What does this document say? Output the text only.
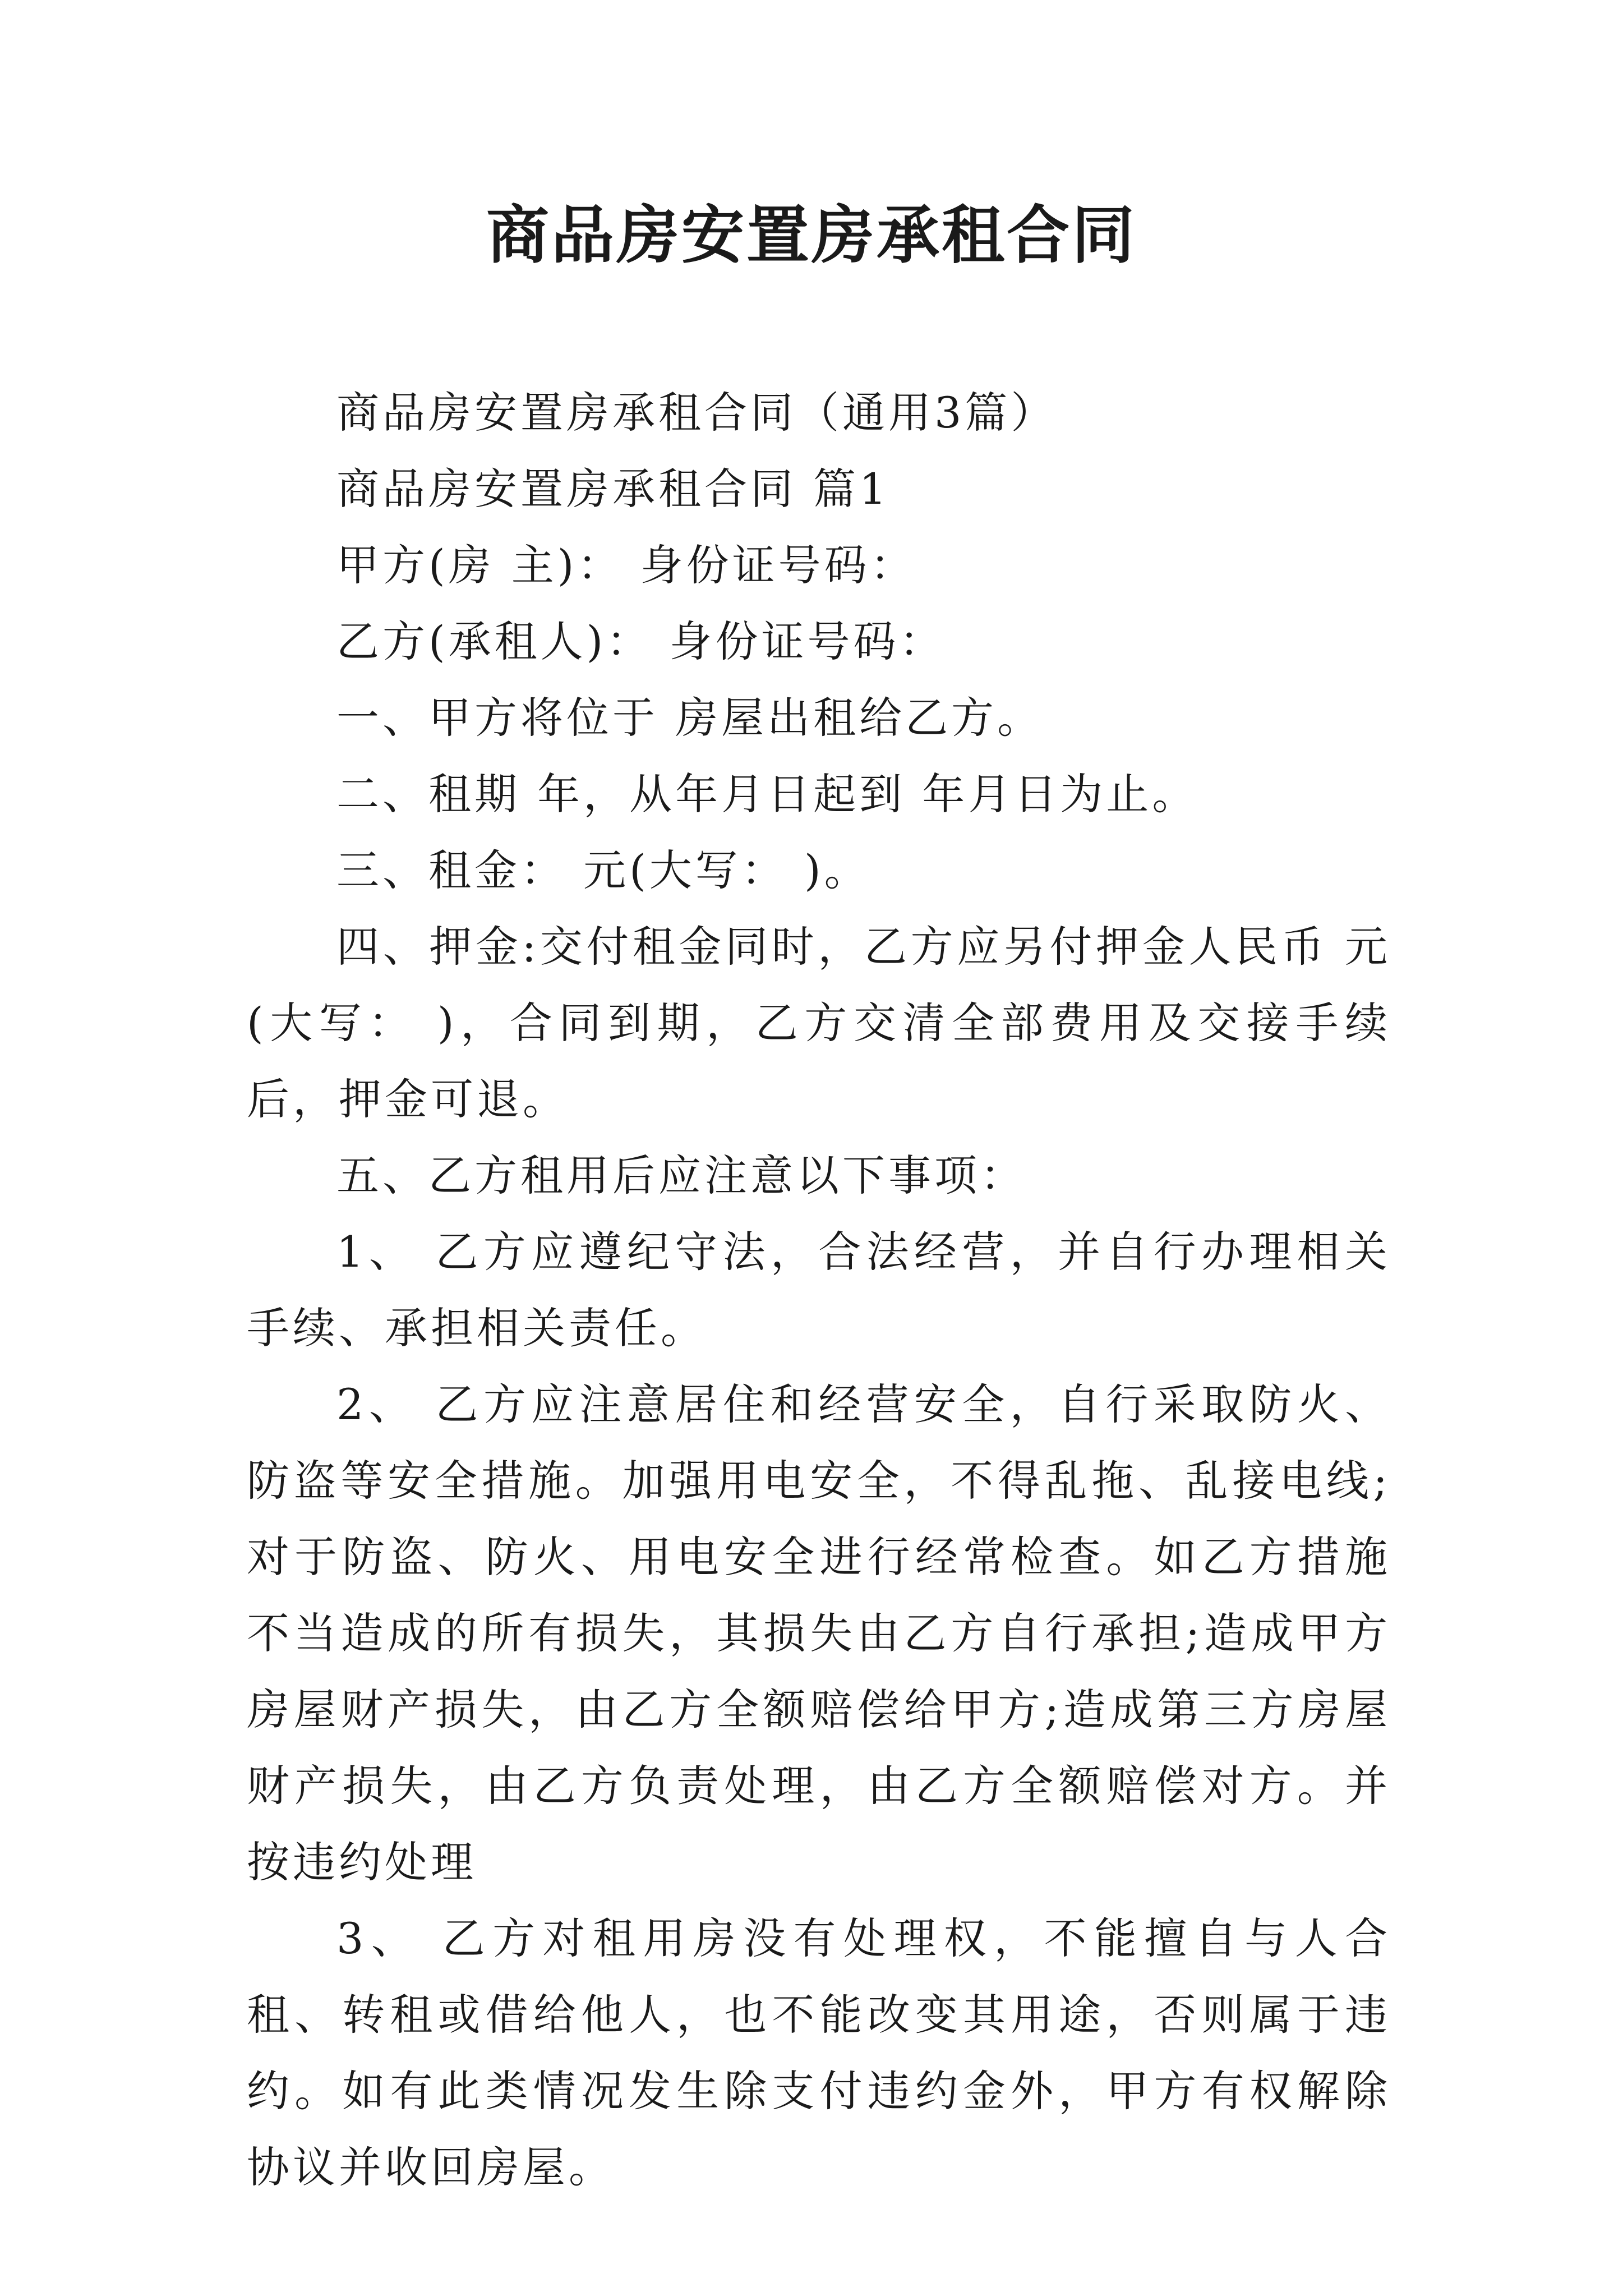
商品房安置房承租合同

商品房安置房承租合同（通用3篇）

商品房安置房承租合同 篇1

甲方(房 主)： 身份证号码：

乙方(承租人)： 身份证号码：

一、甲方将位于 房屋出租给乙方。

二、租期 年，从年月日起到 年月日为止。

三、租金： 元(大写： )。

四、押金:交付租金同时，乙方应另付押金人民币 元(大写： )，合同到期，乙方交清全部费用及交接手续后，押金可退。

五、乙方租用后应注意以下事项：

1、 乙方应遵纪守法，合法经营，并自行办理相关手续、承担相关责任。

2、 乙方应注意居住和经营安全，自行采取防火、防盗等安全措施。加强用电安全，不得乱拖、乱接电线;对于防盗、防火、用电安全进行经常检查。如乙方措施不当造成的所有损失，其损失由乙方自行承担;造成甲方房屋财产损失，由乙方全额赔偿给甲方;造成第三方房屋财产损失，由乙方负责处理，由乙方全额赔偿对方。并按违约处理

3、 乙方对租用房没有处理权，不能擅自与人合租、转租或借给他人，也不能改变其用途，否则属于违约。如有此类情况发生除支付违约金外，甲方有权解除协议并收回房屋。
